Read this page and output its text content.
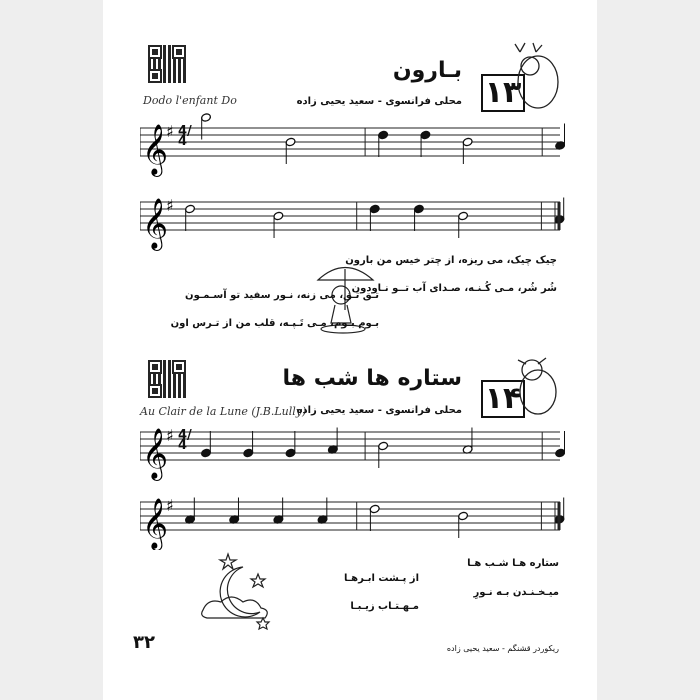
Dodo l'enfant Do
بـارون
محلی فرانسوی - سعید یحیی زاده ۱۳
𝄞
♯
𝄞
♯
4/4
چیک چیک، می ریزه، از چتر خیس من بارون
شُر شُر، مـی کُـنـه، صـدای آب تــو نـاودون
تـق تـق، می زنه، نـور سفید تو آسـمـون
بـوم بـوم، مـی تَـپـه، قلب من از تـرس اون
Au Clair de la Lune (J.B.Lully)
ستاره ها شب ها
محلی فرانسوی - سعید یحیی زاده ۱۴
𝄞
♯
𝄞
♯
4/4
ستاره هـا شـب هـا
از پـشت ابـرهـا
میـخـنـدن بـه نـورِ
مـهـتـاب زیـبـا
۳۲	ریکوردر قشنگم - سعید یحیی زاده
